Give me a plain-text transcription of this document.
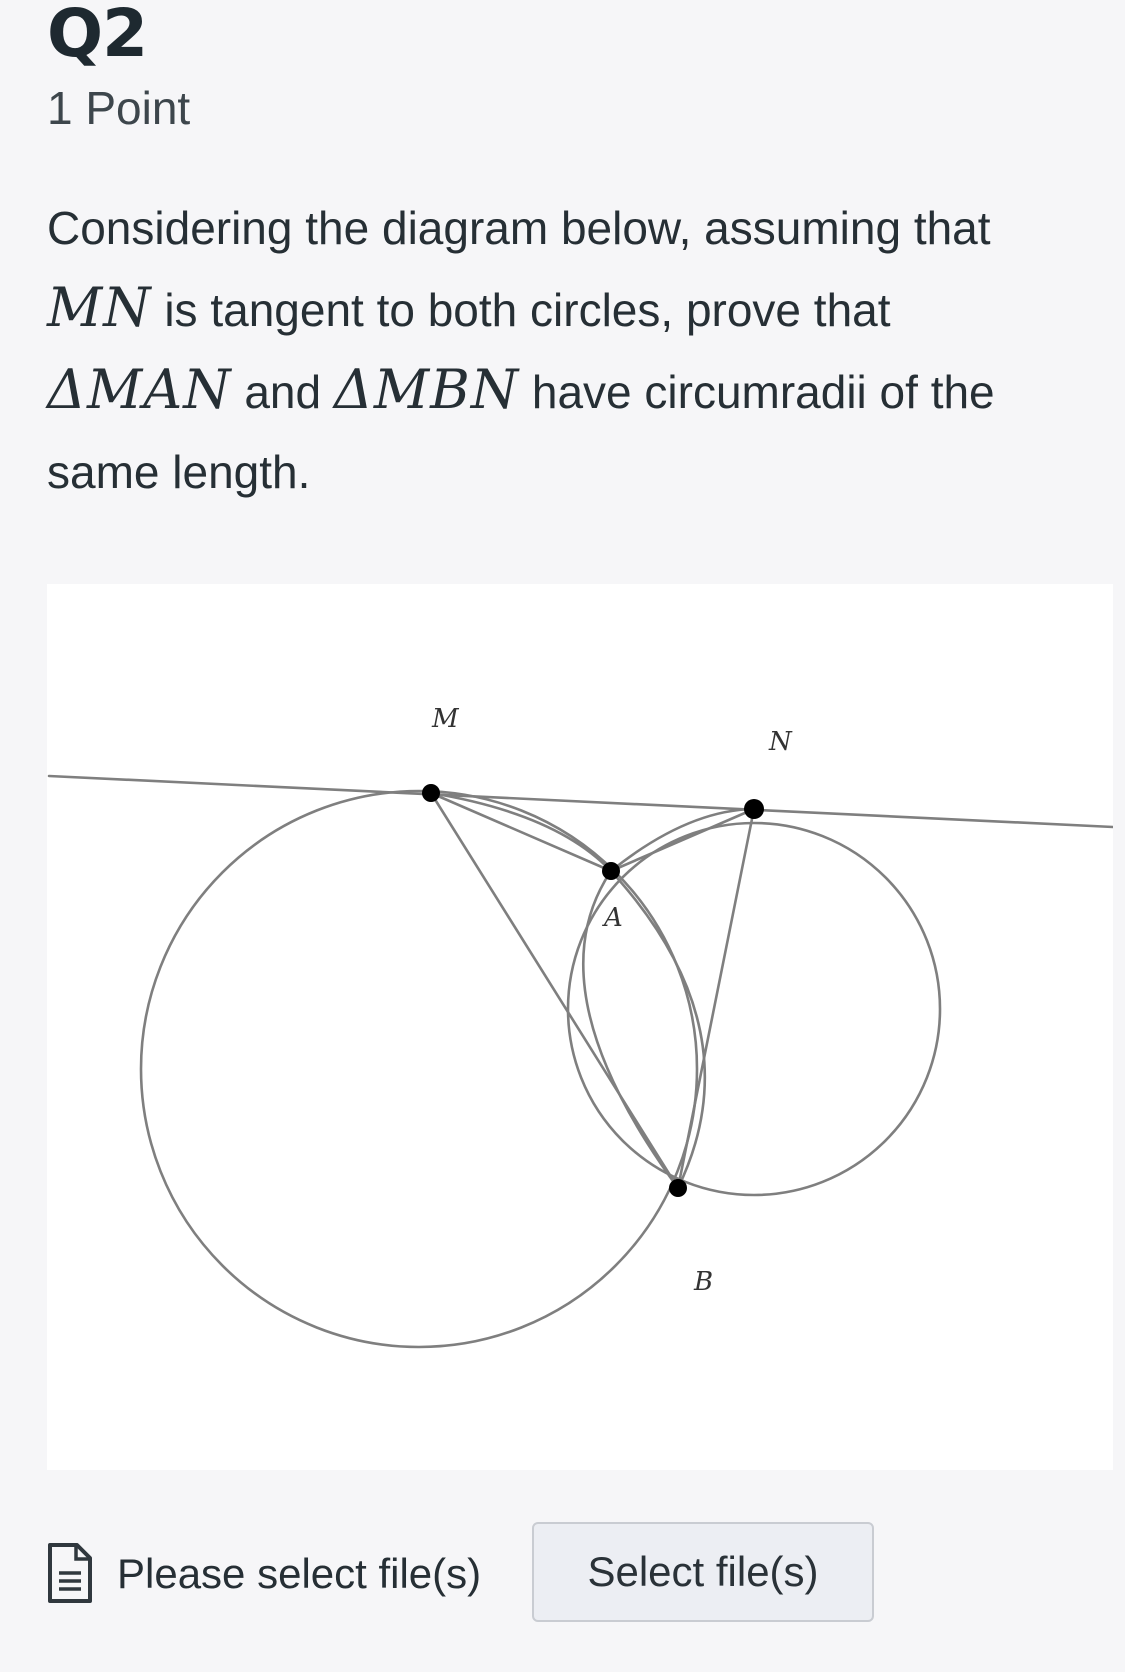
Q2
1 Point

Considering the diagram below, assuming that
MN is tangent to both circles, prove that
ΔMAN and ΔMBN have circumradii of the same length.

M
N
A
B
Please select file(s)	Select file(s)
